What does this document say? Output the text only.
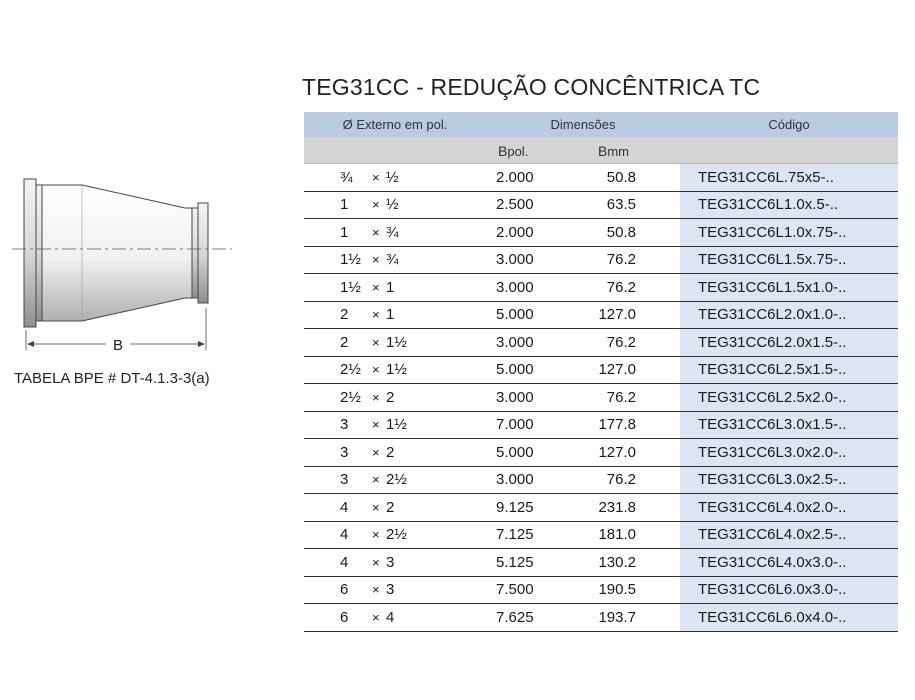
B
TABELA BPE # DT-4.1.3-3(a)
TEG31CC - REDUÇÃO CONCÊNTRICA TC
Ø Externo em pol.	Dimensões	Código
Bpol.	Bmm
¾	× ½	2.000	50.8	TEG31CC6L.75x5-..
1	× ½	2.500	63.5	TEG31CC6L1.0x.5-..
1	× ¾	2.000	50.8	TEG31CC6L1.0x.75-..
1½ × ¾	3.000	76.2	TEG31CC6L1.5x.75-..
1½ × 1	3.000	76.2	TEG31CC6L1.5x1.0-..
2	× 1	5.000	127.0	TEG31CC6L2.0x1.0-..
2	× 1½	3.000	76.2	TEG31CC6L2.0x1.5-..
2½ × 1½	5.000	127.0	TEG31CC6L2.5x1.5-..
2½ × 2	3.000	76.2	TEG31CC6L2.5x2.0-..
3	× 1½	7.000	177.8	TEG31CC6L3.0x1.5-..
3	× 2	5.000	127.0	TEG31CC6L3.0x2.0-..
3	× 2½	3.000	76.2	TEG31CC6L3.0x2.5-..
4	× 2	9.125	231.8	TEG31CC6L4.0x2.0-..
4	× 2½	7.125	181.0	TEG31CC6L4.0x2.5-..
4	× 3	5.125	130.2	TEG31CC6L4.0x3.0-..
6	× 3	7.500	190.5	TEG31CC6L6.0x3.0-..
6	× 4	7.625	193.7	TEG31CC6L6.0x4.0-..
